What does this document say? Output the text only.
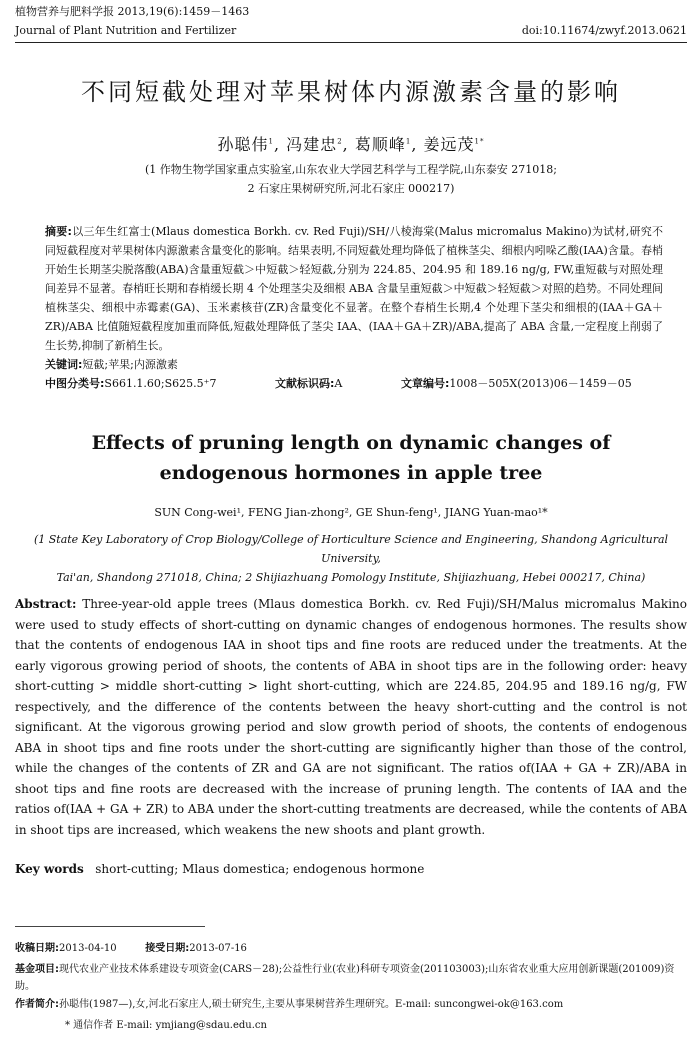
植物营养与肥料学报 2013,19(6):1459－1463
Journal of Plant Nutrition and Fertilizer	doi:10.11674/zwyf.2013.0621
不同短截处理对苹果树体内源激素含量的影响
孙聪伟$^1$, 冯建忠$^2$, 葛顺峰$^1$, 姜远茂$^{1*}$
(1 作物生物学国家重点实验室,山东农业大学园艺科学与工程学院,山东泰安 271018;
2 石家庄果树研究所,河北石家庄 000217)
摘要:以三年生红富士(Mlaus domestica Borkh. cv. Red Fuji)/SH/八棱海棠(Malus micromalus Makino)为试材,研究不同短截程度对苹果树体内源激素含量变化的影响。结果表明,不同短截处理均降低了植株茎尖、细根内吲哚乙酸(IAA)含量。春梢开始生长期茎尖脱落酸(ABA)含量重短截＞中短截＞轻短截,分别为 224.85、204.95 和 189.16 ng/g, FW,重短截与对照处理间差异不显著。春梢旺长期和春梢缓长期 4 个处理茎尖及细根 ABA 含量呈重短截＞中短截＞轻短截＞对照的趋势。不同处理间植株茎尖、细根中赤霉素(GA)、玉米素核苷(ZR)含量变化不显著。在整个春梢生长期,4 个处理下茎尖和细根的(IAA＋GA＋ZR)/ABA 比值随短截程度加重而降低,短截处理降低了茎尖 IAA、(IAA＋GA＋ZR)/ABA,提高了 ABA 含量,一定程度上削弱了生长势,抑制了新梢生长。
关键词:短截;苹果;内源激素
中图分类号:S661.1.60;S625.5⁺7	文献标识码:A	文章编号:1008－505X(2013)06－1459－05
Effects of pruning length on dynamic changes of
endogenous hormones in apple tree
SUN Cong-wei¹, FENG Jian-zhong², GE Shun-feng¹, JIANG Yuan-mao¹*
(1 State Key Laboratory of Crop Biology/College of Horticulture Science and Engineering, Shandong Agricultural University,
Tai'an, Shandong 271018, China; 2 Shijiazhuang Pomology Institute, Shijiazhuang, Hebei 000217, China)
Abstract: Three-year-old apple trees (Mlaus domestica Borkh. cv. Red Fuji)/SH/Malus micromalus Makino were used to study effects of short-cutting on dynamic changes of endogenous hormones. The results show that the contents of endogenous IAA in shoot tips and fine roots are reduced under the treatments. At the early vigorous growing period of shoots, the contents of ABA in shoot tips are in the following order: heavy short-cutting > middle short-cutting > light short-cutting, which are 224.85, 204.95 and 189.16 ng/g, FW respectively, and the difference of the contents between the heavy short-cutting and the control is not significant. At the vigorous growing period and slow growth period of shoots, the contents of endogenous ABA in shoot tips and fine roots under the short-cutting are significantly higher than those of the control, while the changes of the contents of ZR and GA are not significant. The ratios of(IAA + GA + ZR)/ABA in shoot tips and fine roots are decreased with the increase of pruning length. The contents of IAA and the ratios of(IAA + GA + ZR) to ABA under the short-cutting treatments are decreased, while the contents of ABA in shoot tips are increased, which weakens the new shoots and plant growth.
Key words short-cutting; Mlaus domestica; endogenous hormone
收稿日期:2013-04-10	接受日期:2013-07-16
基金项目:现代农业产业技术体系建设专项资金(CARS－28);公益性行业(农业)科研专项资金(201103003);山东省农业重大应用创新课题(201009)资助。
作者简介:孙聪伟(1987—),女,河北石家庄人,硕士研究生,主要从事果树营养生理研究。E-mail: suncongwei-ok@163.com
* 通信作者 E-mail: ymjiang@sdau.edu.cn
